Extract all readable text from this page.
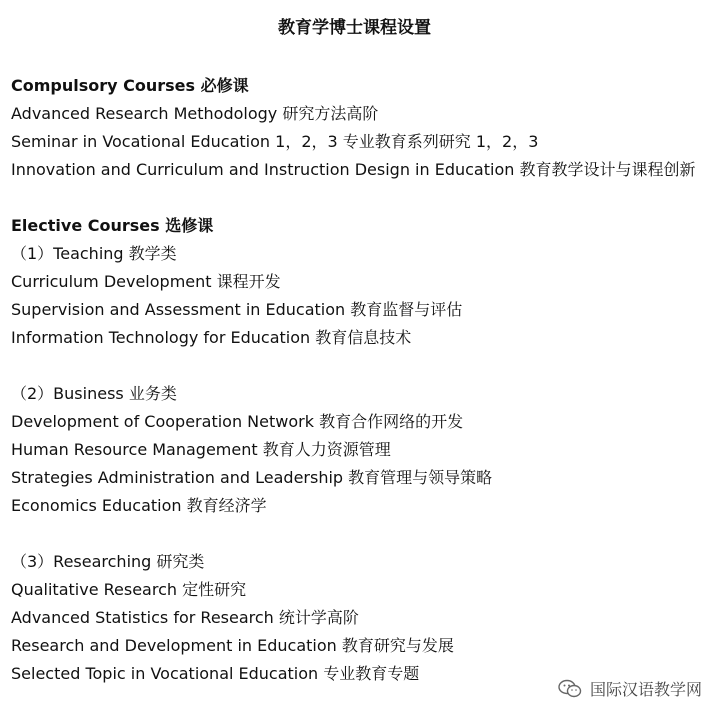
教育学博士课程设置
Compulsory Courses 必修课
Advanced Research Methodology 研究方法高阶
Seminar in Vocational Education 1，2，3 专业教育系列研究 1，2，3
Innovation and Curriculum and Instruction Design in Education 教育教学设计与课程创新
Elective Courses 选修课
（1）Teaching 教学类
Curriculum Development 课程开发
Supervision and Assessment in Education 教育监督与评估
Information Technology for Education 教育信息技术
（2）Business 业务类
Development of Cooperation Network 教育合作网络的开发
Human Resource Management 教育人力资源管理
Strategies Administration and Leadership 教育管理与领导策略
Economics Education 教育经济学
（3）Researching 研究类
Qualitative Research 定性研究
Advanced Statistics for Research 统计学高阶
Research and Development in Education 教育研究与发展
Selected Topic in Vocational Education 专业教育专题
国际汉语教学网
